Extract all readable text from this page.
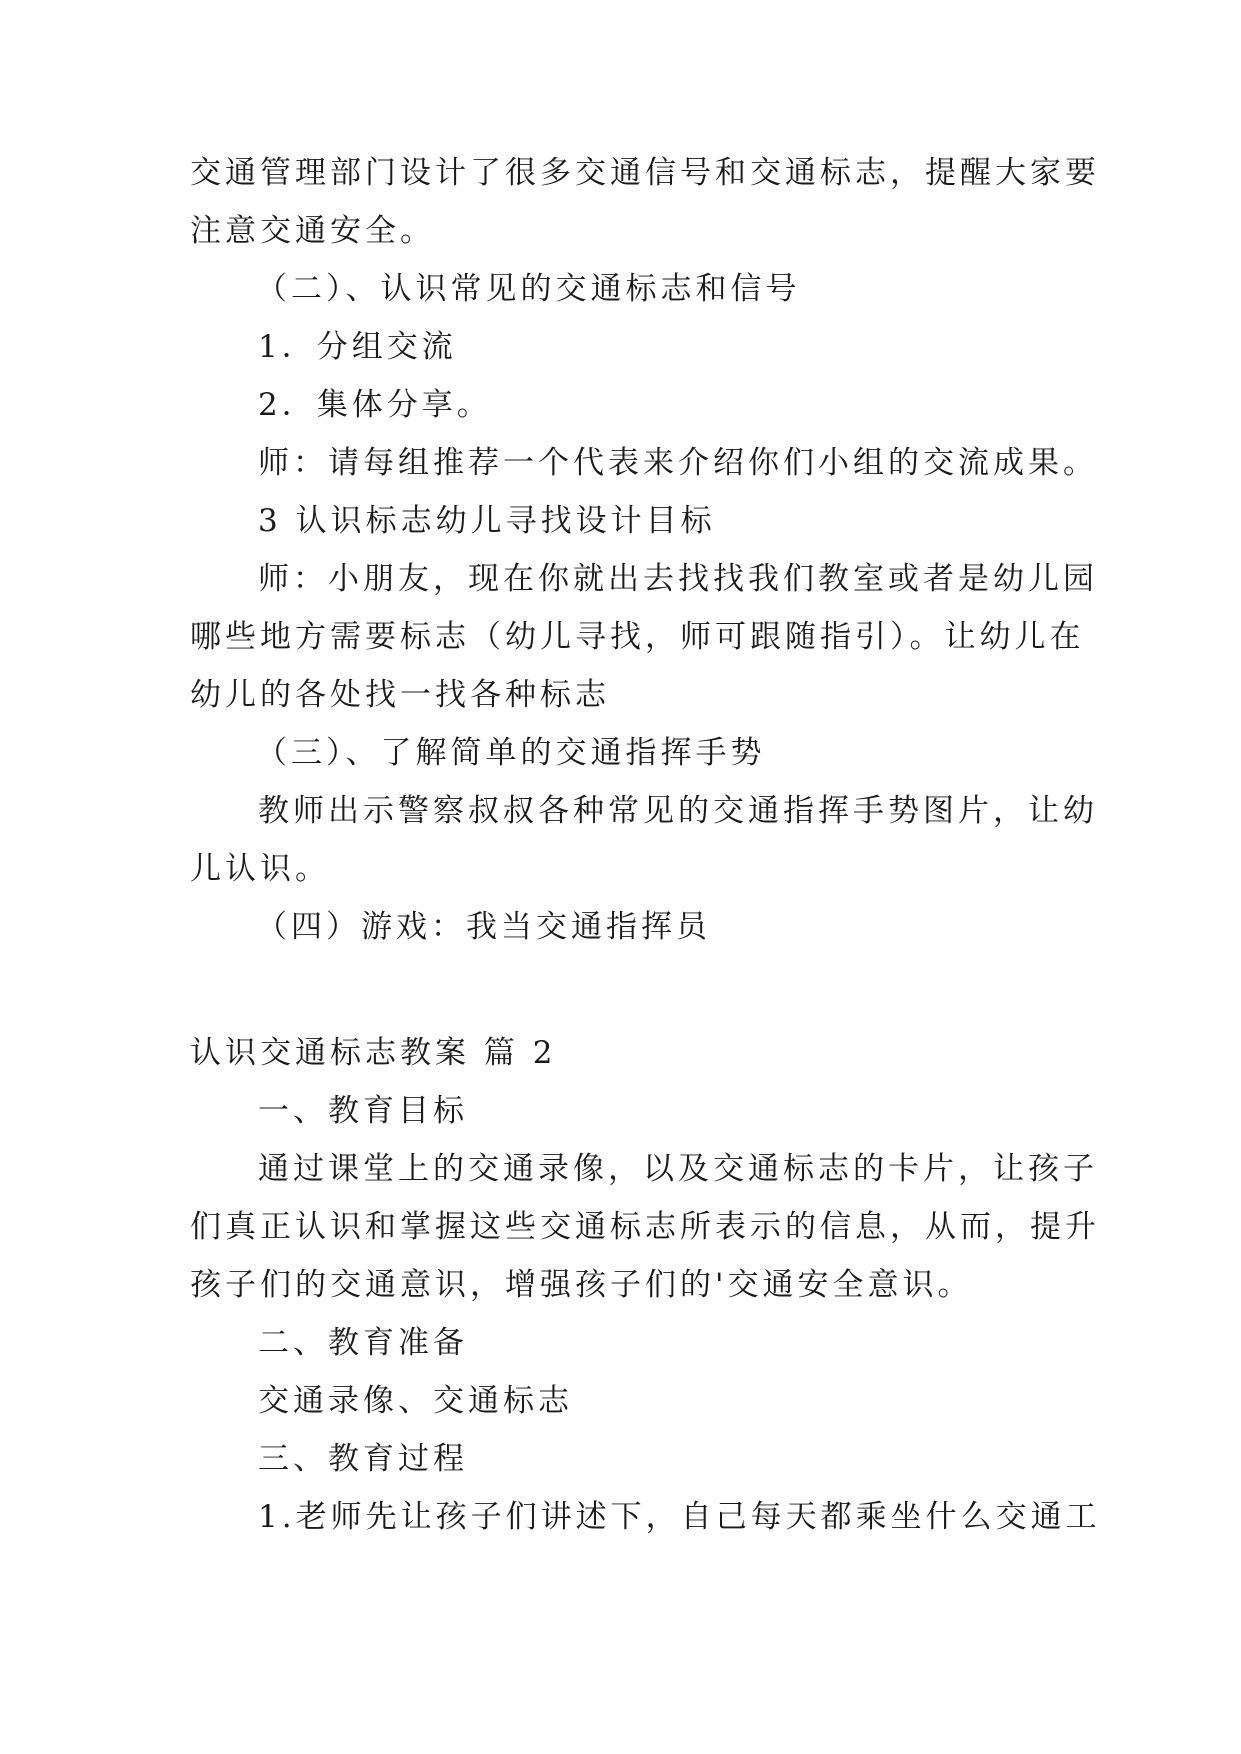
交通管理部门设计了很多交通信号和交通标志，提醒大家要

注意交通安全。

（二）、认识常见的交通标志和信号

1．分组交流

2．集体分享。

师：请每组推荐一个代表来介绍你们小组的交流成果。

3 认识标志幼儿寻找设计目标

师：小朋友，现在你就出去找找我们教室或者是幼儿园

哪些地方需要标志（幼儿寻找，师可跟随指引）。让幼儿在

幼儿的各处找一找各种标志

（三）、了解简单的交通指挥手势

教师出示警察叔叔各种常见的交通指挥手势图片，让幼

儿认识。

（四）游戏：我当交通指挥员

认识交通标志教案 篇 2

一、教育目标

通过课堂上的交通录像，以及交通标志的卡片，让孩子

们真正认识和掌握这些交通标志所表示的信息，从而，提升

孩子们的交通意识，增强孩子们的'交通安全意识。

二、教育准备

交通录像、交通标志

三、教育过程

1.老师先让孩子们讲述下，自己每天都乘坐什么交通工
